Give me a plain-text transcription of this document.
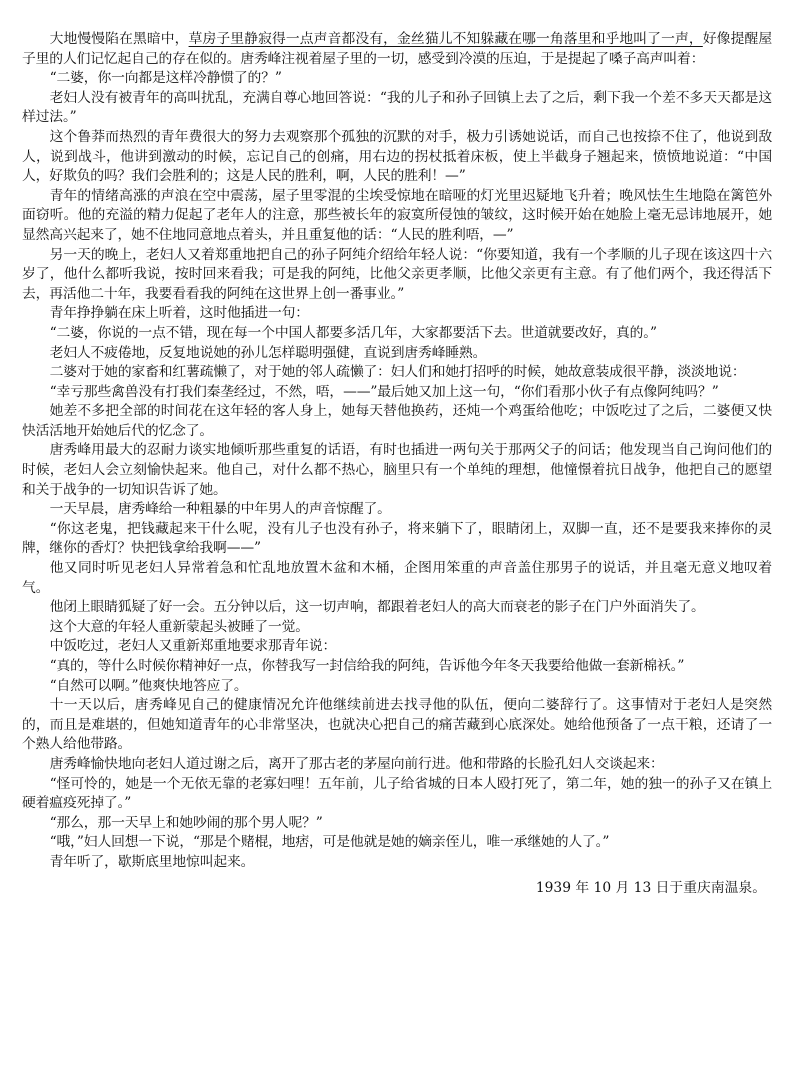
大地慢慢陷在黑暗中，草房子里静寂得一点声音都没有，金丝猫儿不知躲藏在哪一角落里和乎地叫了一声，好像提醒屋子里的人们记忆起自己的存在似的。唐秀峰注视着屋子里的一切，感受到冷漠的压迫，于是提起了嗓子高声叫着：

“二婆，你一向都是这样冷静惯了的？”

老妇人没有被青年的高叫扰乱，充满自尊心地回答说：“我的儿子和孙子回镇上去了之后，剩下我一个差不多天天都是这样过法。”

这个鲁莽而热烈的青年费很大的努力去观察那个孤独的沉默的对手，极力引诱她说话，而自己也按捺不住了，他说到敌人，说到战斗，他讲到激动的时候，忘记自己的创痛，用右边的拐杖抵着床板，使上半截身子翘起来，愤愤地说道：“中国人，好欺负的吗？我们会胜利的；这是人民的胜利，啊，人民的胜利！—”

青年的情绪高涨的声浪在空中震荡，屋子里零混的尘埃受惊地在暗哑的灯光里迟疑地飞升着；晚风怯生生地隐在篱笆外面窃听。他的充溢的精力促起了老年人的注意，那些被长年的寂寞所侵蚀的皱纹，这时候开始在她脸上毫无忌讳地展开，她显然高兴起来了，她不住地同意地点着头，并且重复他的话：“人民的胜利唔，—”

另一天的晚上，老妇人又着郑重地把自己的孙子阿纯介绍给年轻人说：“你要知道，我有一个孝顺的儿子现在该这四十六岁了，他什么都听我说，按时回来看我；可是我的阿纯，比他父亲更孝顺，比他父亲更有主意。有了他们两个，我还得活下去，再活他二十年，我要看看我的阿纯在这世界上创一番事业。”

青年挣挣躺在床上听着，这时他插进一句：

“二婆，你说的一点不错，现在每一个中国人都要多活几年，大家都要活下去。世道就要改好，真的。”

老妇人不疲倦地，反复地说她的孙儿怎样聪明强健，直说到唐秀峰睡熟。

二婆对于她的家畜和红薯疏懒了，对于她的邻人疏懒了：妇人们和她打招呼的时候，她故意装成很平静，淡淡地说：

“幸亏那些禽兽没有打我们秦垄经过，不然，唔，——”最后她又加上这一句，“你们看那小伙子有点像阿纯吗？”

她差不多把全部的时间花在这年轻的客人身上，她每天替他换药，还炖一个鸡蛋给他吃；中饭吃过了之后，二婆便又快快活活地开始她后代的忆念了。

唐秀峰用最大的忍耐力谈实地倾听那些重复的话语，有时也插进一两句关于那两父子的问话；他发现当自己询问他们的时候，老妇人会立刻愉快起来。他自己，对什么都不热心，脑里只有一个单纯的理想，他憧憬着抗日战争，他把自己的愿望和关于战争的一切知识告诉了她。

一天早晨，唐秀峰给一种粗暴的中年男人的声音惊醒了。

“你这老鬼，把钱藏起来干什么呢，没有儿子也没有孙子，将来躺下了，眼睛闭上，双脚一直，还不是要我来捧你的灵牌，继你的香灯？快把钱拿给我啊——”

他又同时听见老妇人异常着急和忙乱地放置木盆和木桶，企图用笨重的声音盖住那男子的说话，并且毫无意义地叹着气。

他闭上眼睛狐疑了好一会。五分钟以后，这一切声响，都跟着老妇人的高大而衰老的影子在门户外面消失了。

这个大意的年轻人重新蒙起头被睡了一觉。

中饭吃过，老妇人又重新郑重地要求那青年说：

“真的，等什么时候你精神好一点，你替我写一封信给我的阿纯，告诉他今年冬天我要给他做一套新棉袄。”

“自然可以啊。”他爽快地答应了。

十一天以后，唐秀峰见自己的健康情况允许他继续前进去找寻他的队伍，便向二婆辞行了。这事情对于老妇人是突然的，而且是难堪的，但她知道青年的心非常坚决，也就决心把自己的痛苦藏到心底深处。她给他预备了一点干粮，还请了一个熟人给他带路。

唐秀峰愉快地向老妇人道过谢之后，离开了那古老的茅屋向前行进。他和带路的长脸孔妇人交谈起来：

“怪可怜的，她是一个无依无靠的老寡妇哩！五年前，儿子给省城的日本人殴打死了，第二年，她的独一的孙子又在镇上硬着瘟疫死掉了。”

“那么，那一天早上和她吵闹的那个男人呢？”

“哦，”妇人回想一下说，“那是个赌棍，地痞，可是他就是她的嫡亲侄儿，唯一承继她的人了。”

青年听了，歇斯底里地惊叫起来。

1939 年 10 月 13 日于重庆南温泉。
